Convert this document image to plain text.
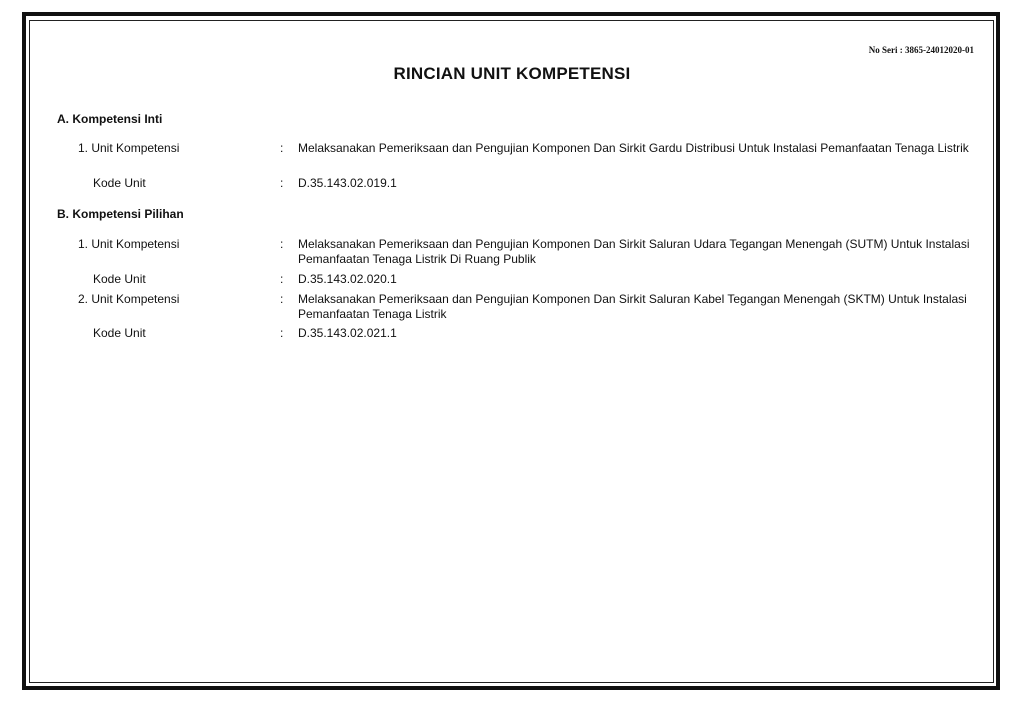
No Seri : 3865-24012020-01
RINCIAN UNIT KOMPETENSI
A. Kompetensi Inti
1. Unit Kompetensi	: Melaksanakan Pemeriksaan dan Pengujian Komponen Dan Sirkit Gardu Distribusi Untuk Instalasi Pemanfaatan Tenaga Listrik
Kode Unit	: D.35.143.02.019.1
B. Kompetensi Pilihan
1. Unit Kompetensi	: Melaksanakan Pemeriksaan dan Pengujian Komponen Dan Sirkit Saluran Udara Tegangan Menengah (SUTM) Untuk Instalasi Pemanfaatan Tenaga Listrik Di Ruang Publik
Kode Unit	: D.35.143.02.020.1
2. Unit Kompetensi	: Melaksanakan Pemeriksaan dan Pengujian Komponen Dan Sirkit Saluran Kabel Tegangan Menengah (SKTM) Untuk Instalasi Pemanfaatan Tenaga Listrik
Kode Unit	: D.35.143.02.021.1
